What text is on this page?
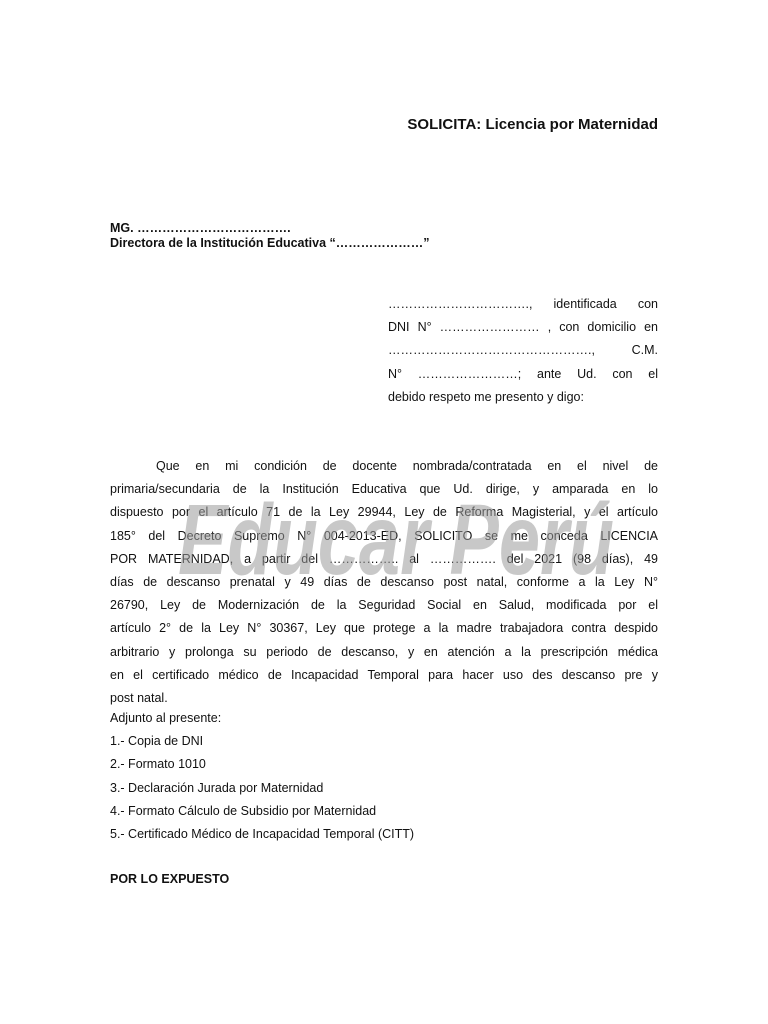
SOLICITA: Licencia por Maternidad
MG. ……………………………….
Directora de la Institución Educativa “…………………”
……………………………., identificada con
DNI N° …………………… , con domicilio en
…………………………………………., C.M.
N° ……………………; ante Ud. con el
debido respeto me presento y digo:
Que en mi condición de docente nombrada/contratada en el nivel de
primaria/secundaria de la Institución Educativa que Ud. dirige, y amparada en lo
dispuesto por el artículo 71 de la Ley 29944, Ley de Reforma Magisterial, y el artículo
185° del Decreto Supremo N° 004-2013-ED, SOLICITO se me conceda LICENCIA
POR MATERNIDAD, a partir del …………….. al ……………. del 2021 (98 días), 49
días de descanso prenatal y 49 días de descanso post natal, conforme a la Ley N°
26790, Ley de Modernización de la Seguridad Social en Salud, modificada por el
artículo 2° de la Ley N° 30367, Ley que protege a la madre trabajadora contra despido
arbitrario y prolonga su periodo de descanso, y en atención a la prescripción médica
en el certificado médico de Incapacidad Temporal para hacer uso des descanso pre y
post natal.
Adjunto al presente:
1.- Copia de DNI
2.- Formato 1010
3.- Declaración Jurada por Maternidad
4.- Formato Cálculo de Subsidio por Maternidad
5.- Certificado Médico de Incapacidad Temporal (CITT)
POR LO EXPUESTO
Educar Perú
